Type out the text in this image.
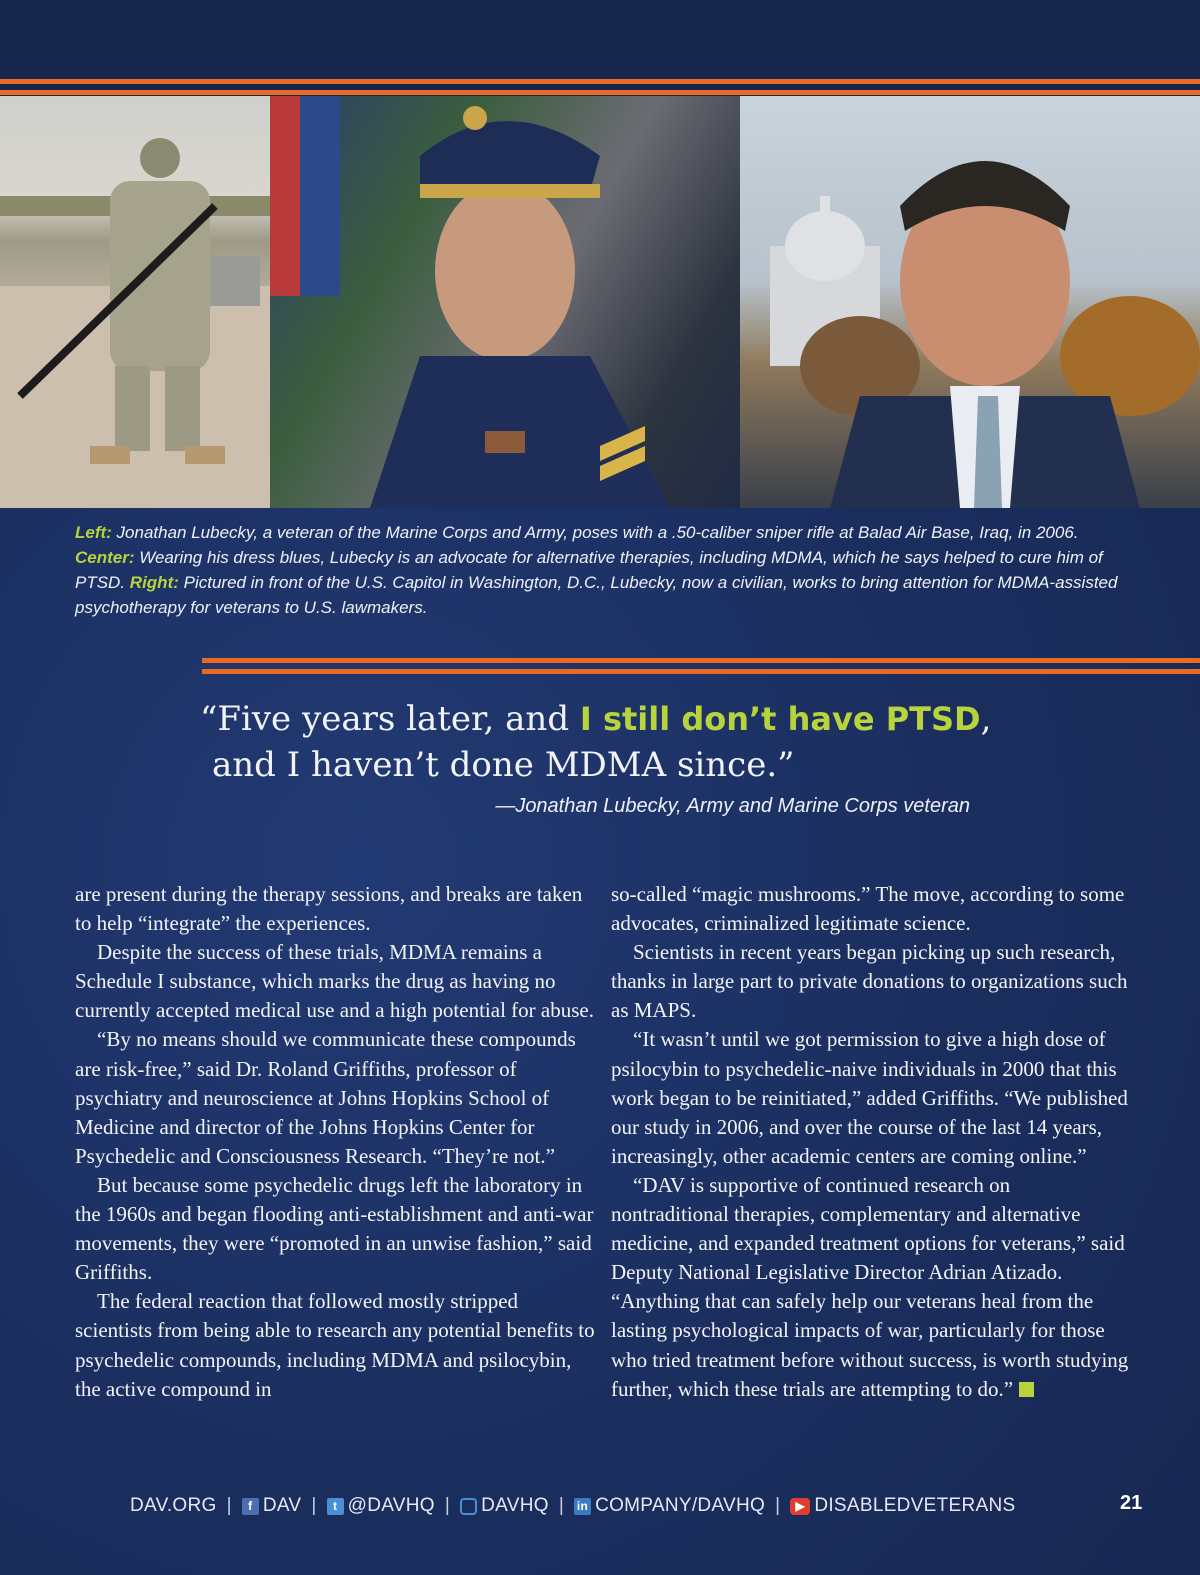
Left: Jonathan Lubecky, a veteran of the Marine Corps and Army, poses with a .50-caliber sniper rifle at Balad Air Base, Iraq, in 2006. Center: Wearing his dress blues, Lubecky is an advocate for alternative therapies, including MDMA, which he says helped to cure him of PTSD. Right: Pictured in front of the U.S. Capitol in Washington, D.C., Lubecky, now a civilian, works to bring attention for MDMA-assisted psychotherapy for veterans to U.S. lawmakers.
“Five years later, and I still don’t have PTSD,
and I haven’t done MDMA since.”
—Jonathan Lubecky, Army and Marine Corps veteran

are present during the therapy sessions, and breaks are taken to help “integrate” the experiences.

Despite the success of these trials, MDMA remains a Schedule I substance, which marks the drug as having no currently accepted medical use and a high potential for abuse.

“By no means should we communicate these compounds are risk-free,” said Dr. Roland Griffiths, professor of psychiatry and neuroscience at Johns Hopkins School of Medicine and director of the Johns Hopkins Center for Psychedelic and Consciousness Research. “They’re not.”

But because some psychedelic drugs left the laboratory in the 1960s and began flooding anti-establishment and anti-war movements, they were “promoted in an unwise fashion,” said Griffiths.

The federal reaction that followed mostly stripped scientists from being able to research any potential benefits to psychedelic compounds, including MDMA and psilocybin, the active compound in

so-called “magic mushrooms.” The move, according to some advocates, criminalized legitimate science.

Scientists in recent years began picking up such research, thanks in large part to private donations to organizations such as MAPS.

“It wasn’t until we got permission to give a high dose of psilocybin to psychedelic-naive individuals in 2000 that this work began to be reinitiated,” added Griffiths. “We published our study in 2006, and over the course of the last 14 years, increasingly, other academic centers are coming online.”

“DAV is supportive of continued research on nontraditional therapies, complementary and alternative medicine, and expanded treatment options for veterans,” said Deputy National Legislative Director Adrian Atizado. “Anything that can safely help our veterans heal from the lasting psychological impacts of war, particularly for those who tried treatment before without success, is worth studying further, which these trials are attempting to do.”

DAV.ORG |	f DAV |	t @DAVHQ | DAVHQ | in COMPANY/DAVHQ |	▶ DISABLEDVETERANS	21
